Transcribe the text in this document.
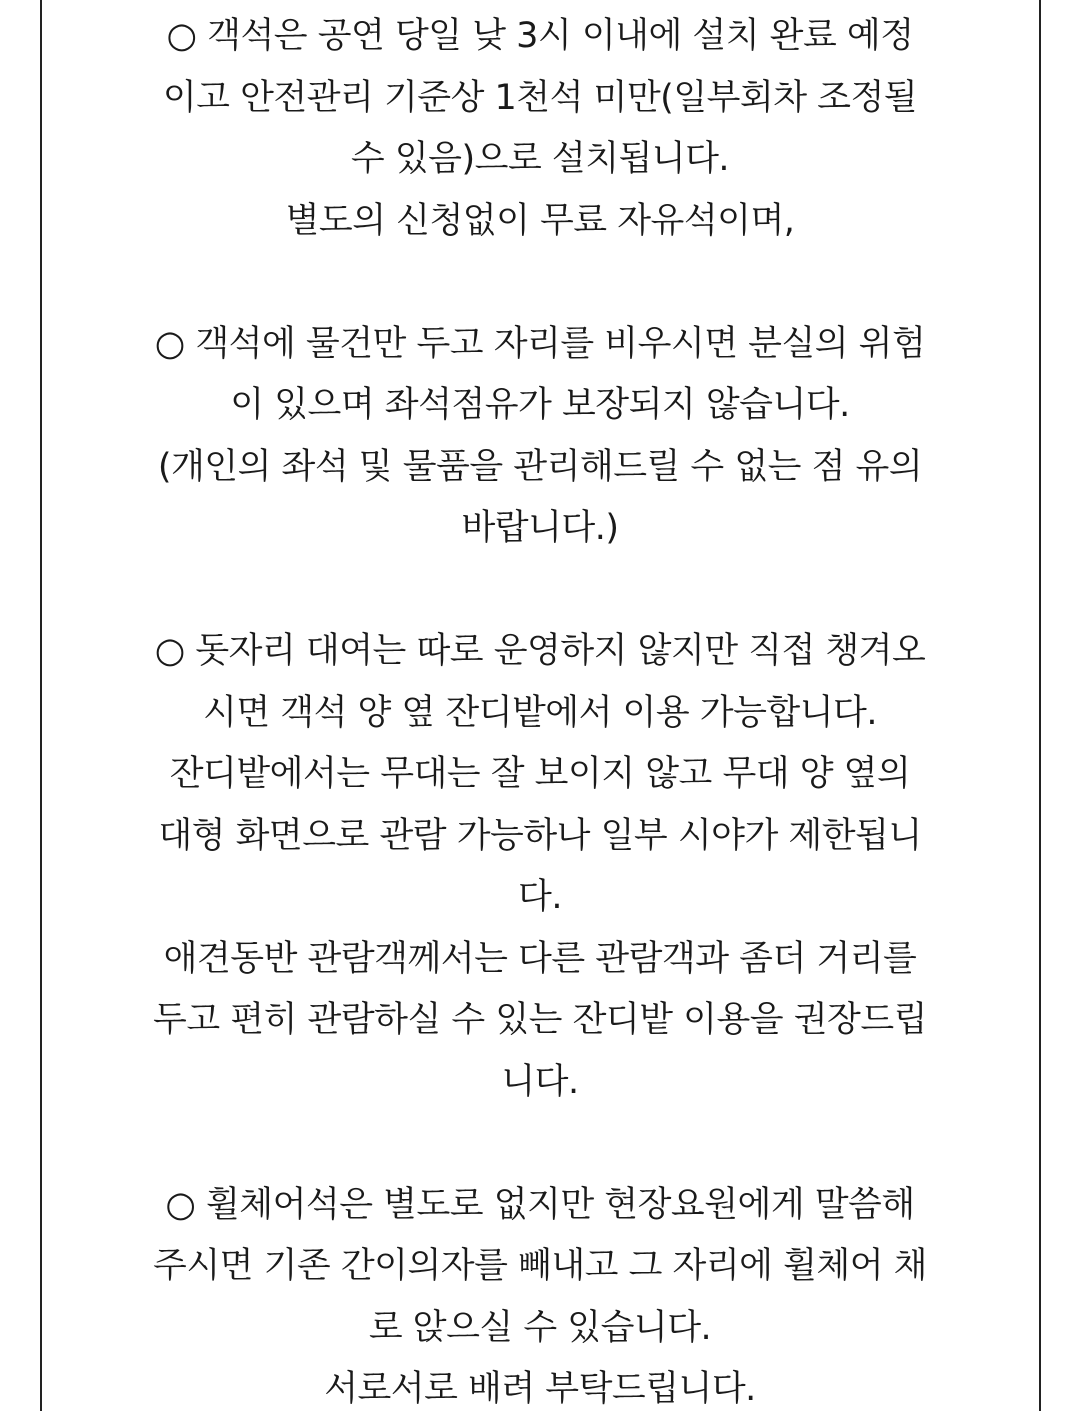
○ 객석은 공연 당일 낮 3시 이내에 설치 완료 예정
이고 안전관리 기준상 1천석 미만(일부회차 조정될
수 있음)으로 설치됩니다.
별도의 신청없이 무료 자유석이며,
○ 객석에 물건만 두고 자리를 비우시면 분실의 위험
이 있으며 좌석점유가 보장되지 않습니다.
(개인의 좌석 및 물품을 관리해드릴 수 없는 점 유의
바랍니다.)
○ 돗자리 대여는 따로 운영하지 않지만 직접 챙겨오
시면 객석 양 옆 잔디밭에서 이용 가능합니다.
잔디밭에서는 무대는 잘 보이지 않고 무대 양 옆의
대형 화면으로 관람 가능하나 일부 시야가 제한됩니
다.
애견동반 관람객께서는 다른 관람객과 좀더 거리를
두고 편히 관람하실 수 있는 잔디밭 이용을 권장드립
니다.
○ 휠체어석은 별도로 없지만 현장요원에게 말씀해
주시면 기존 간이의자를 빼내고 그 자리에 휠체어 채
로 앉으실 수 있습니다.
서로서로 배려 부탁드립니다.
